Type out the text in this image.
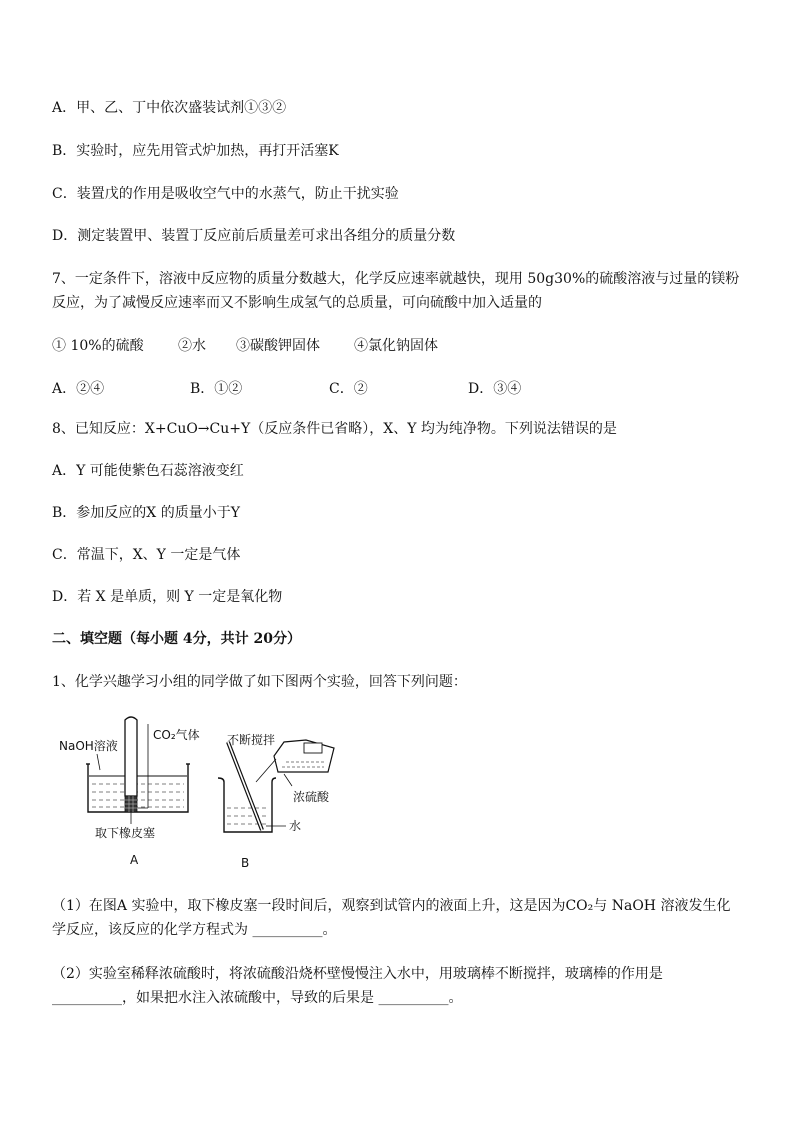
A．甲、乙、丁中依次盛装试剂①③②
B．实验时，应先用管式炉加热，再打开活塞K
C．装置戊的作用是吸收空气中的水蒸气，防止干扰实验
D．测定装置甲、装置丁反应前后质量差可求出各组分的质量分数
7、一定条件下，溶液中反应物的质量分数越大，化学反应速率就越快，现用 50g30%的硫酸溶液与过量的镁粉反应，为了减慢反应速率而又不影响生成氢气的总质量，可向硫酸中加入适量的
① 10%的硫酸 ②水 ③碳酸钾固体 ④氯化钠固体
A．②④	B．①②	C．②	D．③④
8、已知反应：X+CuO→Cu+Y（反应条件已省略），X、Y 均为纯净物。下列说法错误的是
A．Y 可能使紫色石蕊溶液变红
B．参加反应的X 的质量小于Y
C．常温下，X、Y 一定是气体
D．若 X 是单质，则 Y 一定是氧化物
二、填空题（每小题 4分，共计 20分）
1、化学兴趣学习小组的同学做了如下图两个实验，回答下列问题：
NaOH溶液
CO₂气体
取下橡皮塞
A
不断搅拌
浓硫酸
水
B
（1）在图A 实验中，取下橡皮塞一段时间后，观察到试管内的液面上升，这是因为CO₂与 NaOH 溶液发生化学反应，该反应的化学方程式为 __________。
（2）实验室稀释浓硫酸时，将浓硫酸沿烧杯壁慢慢注入水中，用玻璃棒不断搅拌，玻璃棒的作用是__________，如果把水注入浓硫酸中，导致的后果是 __________。
